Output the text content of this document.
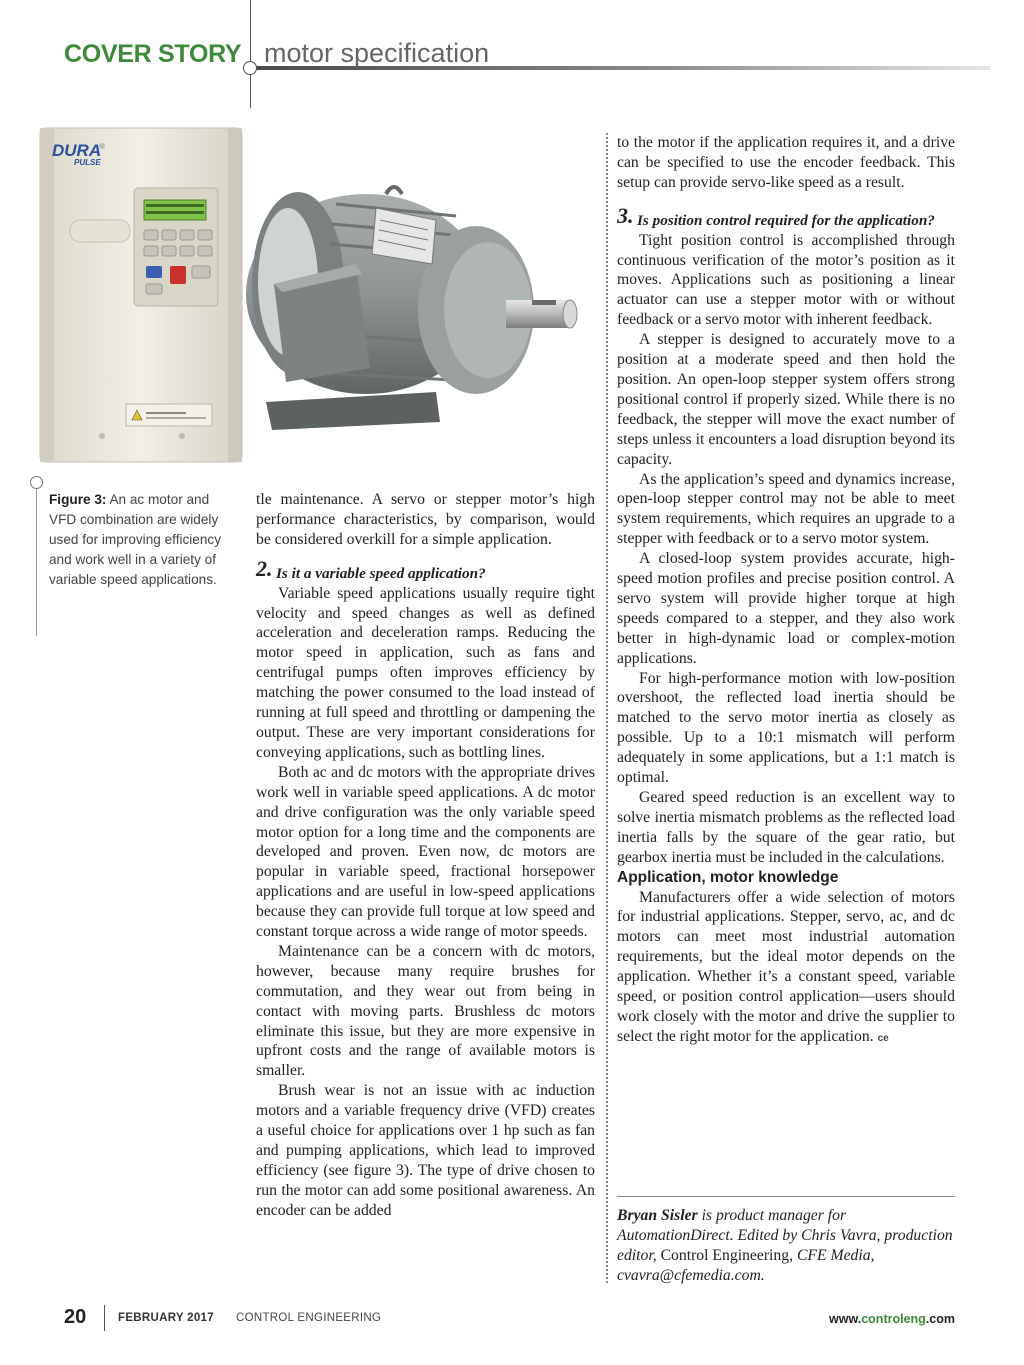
COVER STORY motor specification
DURA
PULSE
Figure 3: An ac motor and VFD combination are widely used for improving efficiency and work well in a variety of variable speed applications.

tle maintenance. A servo or stepper motor’s high performance characteristics, by comparison, would be considered overkill for a simple application.

2. Is it a variable speed application?

Variable speed applications usually require tight velocity and speed changes as well as defined acceleration and deceleration ramps. Reducing the motor speed in application, such as fans and centrifugal pumps often improves efficiency by matching the power consumed to the load instead of running at full speed and throttling or dampening the output. These are very important considerations for conveying applications, such as bottling lines.

Both ac and dc motors with the appropriate drives work well in variable speed applications. A dc motor and drive configuration was the only variable speed motor option for a long time and the components are developed and proven. Even now, dc motors are popular in variable speed, fractional horsepower applications and are useful in low-speed applications because they can provide full torque at low speed and constant torque across a wide range of motor speeds.

Maintenance can be a concern with dc motors, however, because many require brushes for commutation, and they wear out from being in contact with moving parts. Brushless dc motors eliminate this issue, but they are more expensive in upfront costs and the range of available motors is smaller.

Brush wear is not an issue with ac induction motors and a variable frequency drive (VFD) creates a useful choice for applications over 1 hp such as fan and pumping applications, which lead to improved efficiency (see figure 3). The type of drive chosen to run the motor can add some positional awareness. An encoder can be added

to the motor if the application requires it, and a drive can be specified to use the encoder feedback. This setup can provide servo-like speed as a result.

3. Is position control required for the application?

Tight position control is accomplished through continuous verification of the motor’s position as it moves. Applications such as positioning a linear actuator can use a stepper motor with or without feedback or a servo motor with inherent feedback.

A stepper is designed to accurately move to a position at a moderate speed and then hold the position. An open-loop stepper system offers strong positional control if properly sized. While there is no feedback, the stepper will move the exact number of steps unless it encounters a load disruption beyond its capacity.

As the application’s speed and dynamics increase, open-loop stepper control may not be able to meet system requirements, which requires an upgrade to a stepper with feedback or to a servo motor system.

A closed-loop system provides accurate, high-speed motion profiles and precise position control. A servo system will provide higher torque at high speeds compared to a stepper, and they also work better in high-dynamic load or complex-motion applications.

For high-performance motion with low-position overshoot, the reflected load inertia should be matched to the servo motor inertia as closely as possible. Up to a 10:1 mismatch will perform adequately in some applications, but a 1:1 match is optimal.

Geared speed reduction is an excellent way to solve inertia mismatch problems as the reflected load inertia falls by the square of the gear ratio, but gearbox inertia must be included in the calculations.

Application, motor knowledge

Manufacturers offer a wide selection of motors for industrial applications. Stepper, servo, ac, and dc motors can meet most industrial automation requirements, but the ideal motor depends on the application. Whether it’s a constant speed, variable speed, or position control application—users should work closely with the motor and drive the supplier to select the right motor for the application. ce

Bryan Sisler is product manager for AutomationDirect. Edited by Chris Vavra, production editor, Control Engineering, CFE Media, cvavra@cfemedia.com.
20	FEBRUARY 2017 CONTROL ENGINEERING	www.controleng.com
